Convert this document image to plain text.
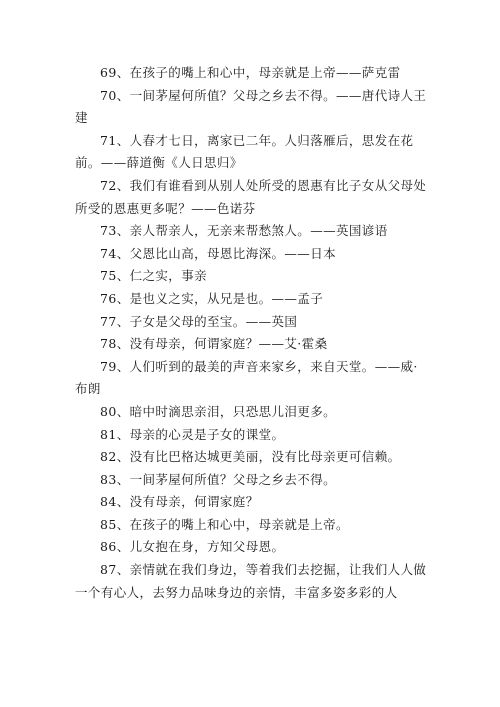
69、在孩子的嘴上和心中，母亲就是上帝——萨克雷

70、一间茅屋何所值？父母之乡去不得。——唐代诗人王建

71、人春才七日，离家已二年。人归落雁后，思发在花前。——薛道衡《人日思归》

72、我们有谁看到从别人处所受的恩惠有比子女从父母处所受的恩惠更多呢？——色诺芬

73、亲人帮亲人，无亲来帮愁煞人。——英国谚语

74、父恩比山高，母恩比海深。——日本

75、仁之实，事亲

76、是也义之实，从兄是也。——孟子

77、子女是父母的至宝。——英国

78、没有母亲，何谓家庭？——艾·霍桑

79、人们听到的最美的声音来家乡，来自天堂。——威·布朗

80、暗中时滴思亲泪，只恐思儿泪更多。

81、母亲的心灵是子女的课堂。

82、没有比巴格达城更美丽，没有比母亲更可信赖。

83、一间茅屋何所值？父母之乡去不得。

84、没有母亲，何谓家庭？

85、在孩子的嘴上和心中，母亲就是上帝。

86、儿女抱在身，方知父母恩。

87、亲情就在我们身边，等着我们去挖掘，让我们人人做一个有心人，去努力品味身边的亲情，丰富多姿多彩的人
